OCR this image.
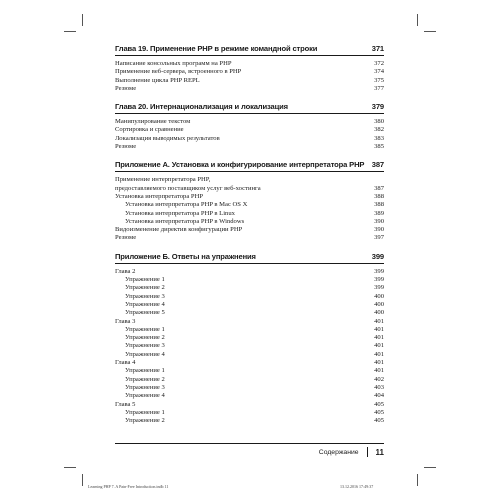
Глава 19. Применение PHP в режиме командной строки	371
Написание консольных программ на PHP	372
Применение веб-сервера, встроенного в PHP	374
Выполнение цикла PHP REPL	375
Резюме	377
Глава 20. Интернационализация и локализация	379
Манипулирование текстом	380
Сортировка и сравнение	382
Локализация выводимых результатов	383
Резюме	385
Приложение А. Установка и конфигурирование интерпретатора PHP 387
Применение интерпретатора PHP,
предоставляемого поставщиком услуг веб-хостинга	387
Установка интерпретатора PHP	388
Установка интерпретатора PHP в Mac OS X	388
Установка интерпретатора PHP в Linux	389
Установка интерпретатора PHP в Windows	390
Видоизменение директив конфигурации PHP	390
Резюме	397
Приложение Б. Ответы на упражнения	399
Глава 2	399
Упражнение 1	399
Упражнение 2	399
Упражнение 3	400
Упражнение 4	400
Упражнение 5	400
Глава 3	401
Упражнение 1	401
Упражнение 2	401
Упражнение 3	401
Упражнение 4	401
Глава 4	401
Упражнение 1	401
Упражнение 2	402
Упражнение 3	403
Упражнение 4	404
Глава 5	405
Упражнение 1	405
Упражнение 2	405
Содержание 11
Learning PHP 7. A Pain-Free Introduction.indb 11	13.12.2016 17:49:37
